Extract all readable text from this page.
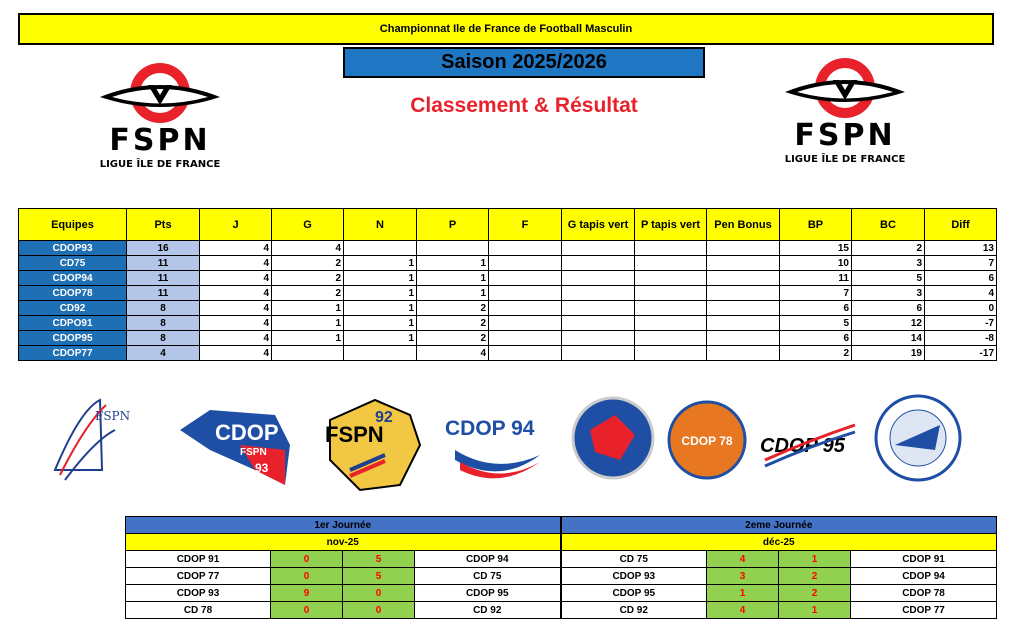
Championnat Ile de France de Football Masculin
Saison 2025/2026
Classement & Résultat
FSPN
LIGUE ÎLE DE FRANCE
FSPN
LIGUE ÎLE DE FRANCE
Equipes	Pts	J	G	N	P	F	G tapis vert	P tapis vert	Pen Bonus	BP	BC	Diff
CDOP93	16	4	4							15	2	13
CD75	11	4	2	1	1					10	3	7
CDOP94	11	4	2	1	1					11	5	6
CDOP78	11	4	2	1	1					7	3	4
CD92	8	4	1	1	2					6	6	0
CDPO91	8	4	1	1	2					5	12	-7
CDOP95	8	4	1	1	2					6	14	-8
CDOP77	4	4			4					2	19	-17
FSPN
CDOP
FSPN
93
92
FSPN	CDOP 94
CDOP 78 CDOP 95
1er Journée				2eme Journée			
nov-25				déc-25			
CDOP 91	0	5	CDOP 94	CD 75	4	1	CDOP 91
CDOP 77	0	5	CD 75	CDOP 93	3	2	CDOP 94
CDOP 93	9	0	CDOP 95	CDOP 95	1	2	CDOP 78
CD 78	0	0	CD 92	CD 92	4	1	CDOP 77
